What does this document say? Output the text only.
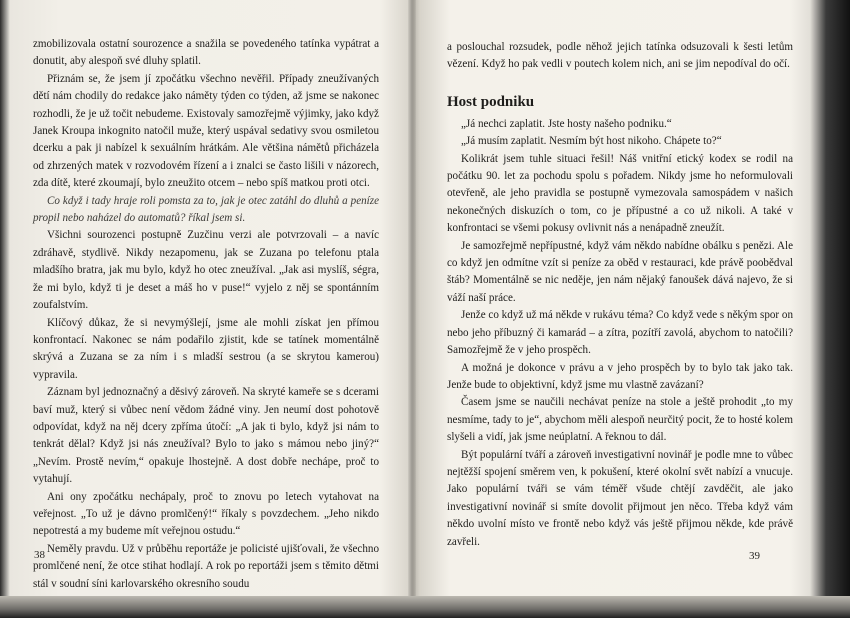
zmobilizovala ostatní sourozence a snažila se povedeného tatínka vypátrat a donutit, aby alespoň své dluhy splatil.

Přiznám se, že jsem jí zpočátku všechno nevěřil. Případy zneužívaných dětí nám chodily do redakce jako náměty týden co týden, až jsme se nakonec rozhodli, že je už točit nebudeme. Existovaly samozřejmě výjimky, jako když Janek Kroupa inkognito natočil muže, který uspával sedativy svou osmiletou dcerku a pak ji nabízel k sexuálním hrátkám. Ale většina námětů přicházela od zhrzených matek v rozvodovém řízení a i znalci se často lišili v názorech, zda dítě, které zkoumají, bylo zneužito otcem – nebo spíš matkou proti otci.

Co když i tady hraje roli pomsta za to, jak je otec zatáhl do dluhů a peníze propil nebo naházel do automatů? říkal jsem si.

Všichni sourozenci postupně Zuzčinu verzi ale potvrzovali – a navíc zdráhavě, stydlivě. Nikdy nezapomenu, jak se Zuzana po telefonu ptala mladšího bratra, jak mu bylo, když ho otec zneužíval. „Jak asi myslíš, ségra, že mi bylo, když ti je deset a máš ho v puse!“ vyjelo z něj se spontánním zoufalstvím.

Klíčový důkaz, že si nevymýšlejí, jsme ale mohli získat jen přímou konfrontací. Nakonec se nám podařilo zjistit, kde se tatínek momentálně skrývá a Zuzana se za ním i s mladší sestrou (a se skrytou kamerou) vypravila.

Záznam byl jednoznačný a děsivý zároveň. Na skryté kameře se s dcerami baví muž, který si vůbec není vědom žádné viny. Jen neumí dost pohotově odpovídat, když na něj dcery zpříma útočí: „A jak ti bylo, když jsi nám to tenkrát dělal? Když jsi nás zneužíval? Bylo to jako s mámou nebo jiný?“ „Nevím. Prostě nevím,“ opakuje lhostejně. A dost dobře nechápe, proč to vytahují.

Ani ony zpočátku nechápaly, proč to znovu po letech vytahovat na veřejnost. „To už je dávno promlčený!“ říkaly s povzdechem. „Jeho nikdo nepotrestá a my budeme mít veřejnou ostudu.“

Neměly pravdu. Už v průběhu reportáže je policisté ujišťovali, že všechno promlčené není, že otce stihat hodlají. A rok po reportáži jsem s těmito dětmi stál v soudní síni karlovarského okresního soudu

38

a poslouchal rozsudek, podle něhož jejich tatínka odsuzovali k šesti letům vězení. Když ho pak vedli v poutech kolem nich, ani se jim nepodíval do očí.

Host podniku

„Já nechci zaplatit. Jste hosty našeho podniku.“

„Já musím zaplatit. Nesmím být host nikoho. Chápete to?“

Kolikrát jsem tuhle situaci řešil! Náš vnitřní etický kodex se rodil na počátku 90. let za pochodu spolu s pořadem. Nikdy jsme ho neformulovali otevřeně, ale jeho pravidla se postupně vymezovala samospádem v našich nekonečných diskuzích o tom, co je přípustné a co už nikoli. A také v konfrontaci se všemi pokusy ovlivnit nás a nenápadně zneužít.

Je samozřejmě nepřípustné, když vám někdo nabídne obálku s penězi. Ale co když jen odmítne vzít si peníze za oběd v restauraci, kde právě poobědval štáb? Momentálně se nic neděje, jen nám nějaký fanoušek dává najevo, že si váží naší práce.

Jenže co když už má někde v rukávu téma? Co když vede s někým spor on nebo jeho příbuzný či kamarád – a zítra, pozítří zavolá, abychom to natočili? Samozřejmě že v jeho prospěch.

A možná je dokonce v právu a v jeho prospěch by to bylo tak jako tak. Jenže bude to objektivní, když jsme mu vlastně zavázaní?

Časem jsme se naučili nechávat peníze na stole a ještě prohodit „to my nesmíme, tady to je“, abychom měli alespoň neurčitý pocit, že to hosté kolem slyšeli a vidí, jak jsme neúplatní. A řeknou to dál.

Být populární tváří a zároveň investigativní novinář je podle mne to vůbec nejtěžší spojení směrem ven, k pokušení, které okolní svět nabízí a vnucuje. Jako populární tváři se vám téměř všude chtějí zavděčit, ale jako investigativní novinář si smíte dovolit přijmout jen něco. Třeba když vám někdo uvolní místo ve frontě nebo když vás ještě přijmou někde, kde právě zavřeli.

39
